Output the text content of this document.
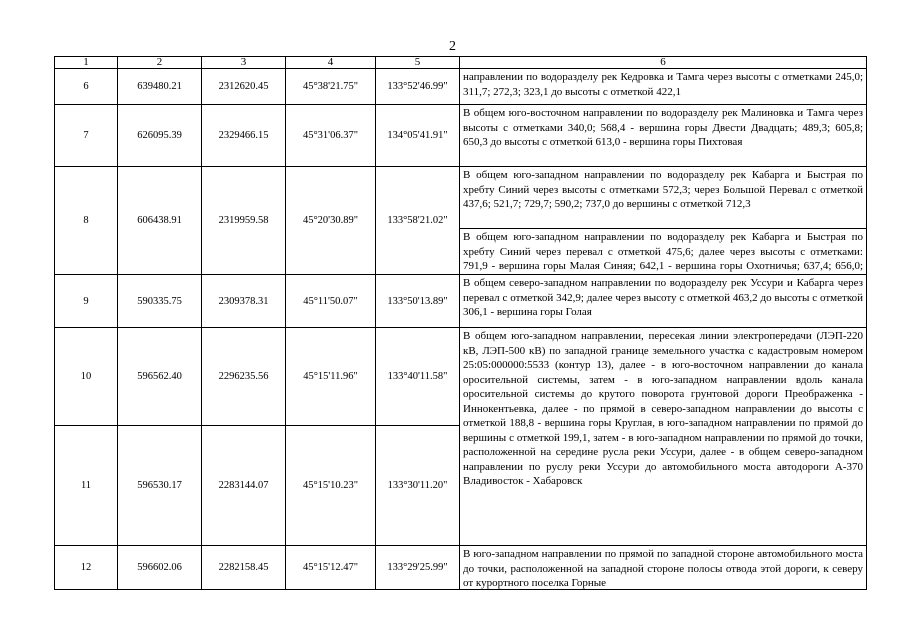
2
1	2	3	4	5	6
6	639480.21	2312620.45	45°38'21.75"	133°52'46.99"	направлении по водоразделу рек Кедровка и Тамга через высоты с отметками 245,0; 311,7; 272,3; 323,1 до высоты с отметкой 422,1

7	626095.39	2329466.15	45°31'06.37"	134°05'41.91"	В общем юго-восточном направлении по водоразделу рек Малиновка и Тамга через высоты с отметками 340,0; 568,4 - вершина горы Двести Двадцать; 489,3; 605,8; 650,3 до высоты с отметкой 613,0 - вершина горы Пихтовая

8	606438.91	2319959.58	45°20'30.89"	133°58'21.02"	В общем юго-западном направлении по водоразделу рек Кабарга и Быстрая по хребту Синий через высоты с отметками 572,3; через Большой Перевал с отметкой 437,6; 521,7; 729,7; 590,2; 737,0 до вершины с отметкой 712,3
В общем юго-западном направлении по водоразделу рек Кабарга и Быстрая по хребту Синий через перевал с отметкой 475,6; далее через высоты с отметками: 791,9 - вершина горы Малая Синяя; 642,1 - вершина горы Охотничья; 637,4; 656,0;

9	590335.75	2309378.31	45°11'50.07"	133°50'13.89"	В общем северо-западном направлении по водоразделу рек Уссури и Кабарга через перевал с отметкой 342,9; далее через высоту с отметкой 463,2 до высоты с отметкой 306,1 - вершина горы Голая

10	596562.40	2296235.56	45°15'11.96"	133°40'11.58"	В общем юго-западном направлении, пересекая линии электропередачи (ЛЭП-220 кВ, ЛЭП-500 кВ) по западной границе земельного участка с кадастровым номером 25:05:000000:5533 (контур 13), далее - в юго-восточном направлении до канала оросительной системы, затем - в юго-западном направлении вдоль канала оросительной системы до крутого поворота грунтовой дороги Преображенка - Иннокентьевка, далее - по прямой в северо-западном направлении до высоты с отметкой 188,8 - вершина горы Круглая, в юго-западном направлении по прямой до вершины с отметкой 199,1, затем - в юго-западном направлении по прямой до точки, расположенной на середине русла реки Уссури, далее - в общем северо-западном направлении по руслу реки Уссури до автомобильного моста автодороги А-370 Владивосток - Хабаровск

11	596530.17	2283144.07	45°15'10.23"	133°30'11.20"	
12	596602.06	2282158.45	45°15'12.47"	133°29'25.99"	В юго-западном направлении по прямой по западной стороне автомобильного моста до точки, расположенной на западной стороне полосы отвода этой дороги, к северу от курортного поселка Горные
